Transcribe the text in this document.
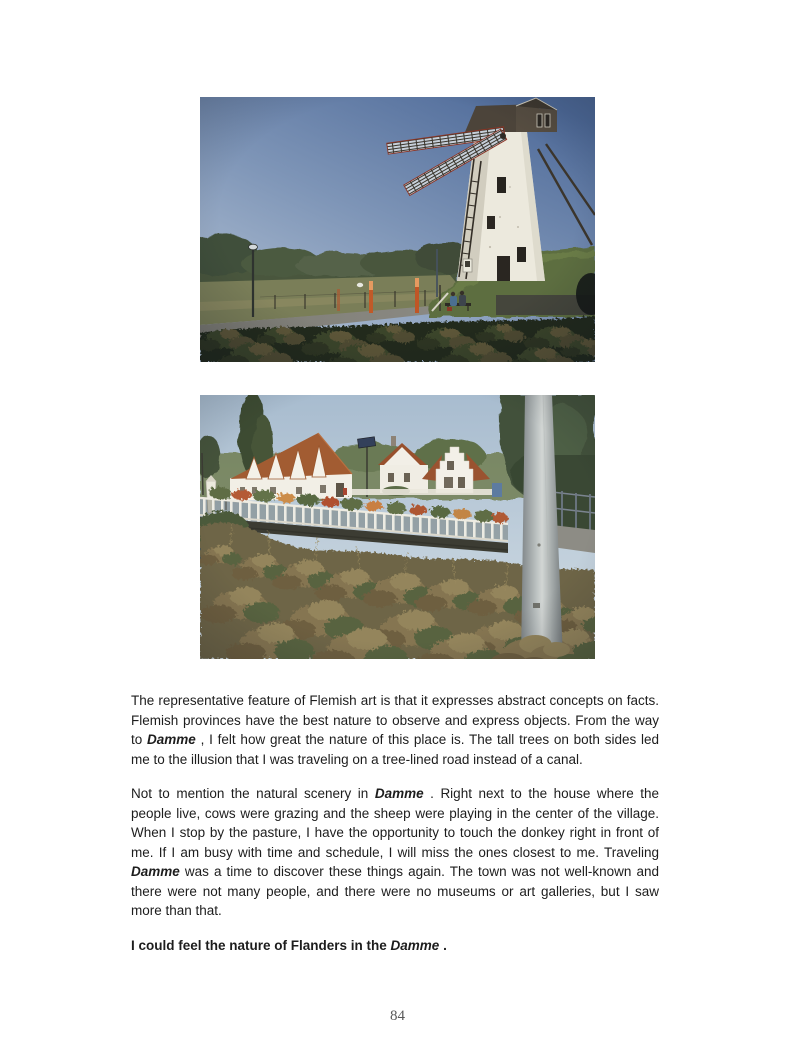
The representative feature of Flemish art is that it expresses abstract concepts on facts. Flemish provinces have the best nature to observe and express objects. From the way to Damme , I felt how great the nature of this place is. The tall trees on both sides led me to the illusion that I was traveling on a tree-lined road instead of a canal.

Not to mention the natural scenery in Damme . Right next to the house where the people live, cows were grazing and the sheep were playing in the center of the village. When I stop by the pasture, I have the opportunity to touch the donkey right in front of me. If I am busy with time and schedule, I will miss the ones closest to me. Traveling Damme was a time to discover these things again. The town was not well-known and there were not many people, and there were no museums or art galleries, but I saw more than that.

I could feel the nature of Flanders in the Damme .

84
